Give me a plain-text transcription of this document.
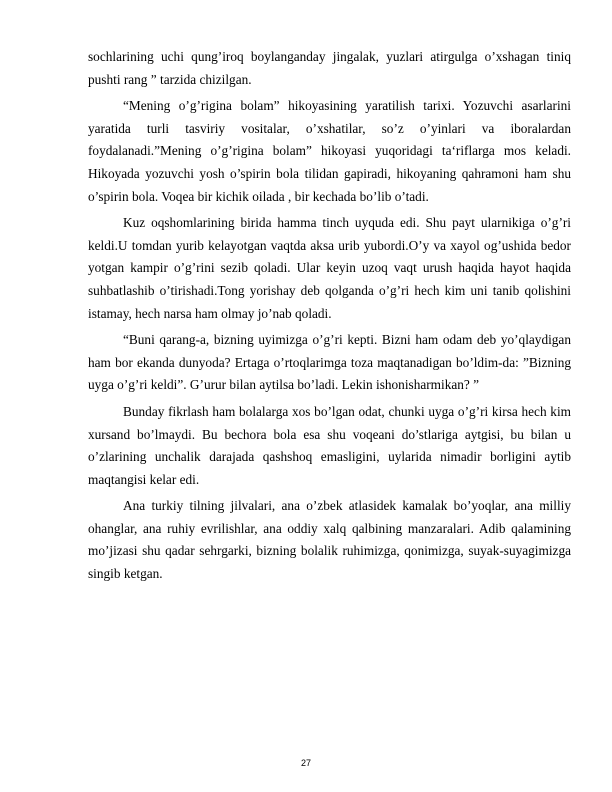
sochlarining uchi qung’iroq boylanganday jingalak, yuzlari atirgulga o’xshagan tiniq pushti rang ” tarzida chizilgan.

“Mening o’g’rigina bolam” hikoyasining yaratilish tarixi. Yozuvchi asarlarini yaratida turli tasviriy vositalar, o’xshatilar, so’z o’yinlari va iboralardan foydalanadi.”Mening o’g’rigina bolam” hikoyasi yuqoridagi ta‘riflarga mos keladi. Hikoyada yozuvchi yosh o’spirin bola tilidan gapiradi, hikoyaning qahramoni ham shu o’spirin bola. Voqea bir kichik oilada , bir kechada bo’lib o’tadi.

Kuz oqshomlarining birida hamma tinch uyquda edi. Shu payt ularnikiga o’g’ri keldi.U tomdan yurib kelayotgan vaqtda aksa urib yubordi.O’y va xayol og’ushida bedor yotgan kampir o’g’rini sezib qoladi. Ular keyin uzoq vaqt urush haqida hayot haqida suhbatlashib o’tirishadi.Tong yorishay deb qolganda o’g’ri hech kim uni tanib qolishini istamay, hech narsa ham olmay jo’nab qoladi.

“Buni qarang-a, bizning uyimizga o’g’ri kepti. Bizni ham odam deb yo’qlaydigan ham bor ekanda dunyoda? Ertaga o’rtoqlarimga toza maqtanadigan bo’ldim-da: ”Bizning uyga o’g’ri keldi”. G’urur bilan aytilsa bo’ladi. Lekin ishonisharmikan? ”

Bunday fikrlash ham bolalarga xos bo’lgan odat, chunki uyga o’g’ri kirsa hech kim xursand bo’lmaydi. Bu bechora bola esa shu voqeani do’stlariga aytgisi, bu bilan u o’zlarining unchalik darajada qashshoq emasligini, uylarida nimadir borligini aytib maqtangisi kelar edi.

Ana turkiy tilning jilvalari, ana o’zbek atlasidek kamalak bo’yoqlar, ana milliy ohanglar, ana ruhiy evrilishlar, ana oddiy xalq qalbining manzaralari. Adib qalamining mo’jizasi shu qadar sehrgarki, bizning bolalik ruhimizga, qonimizga, suyak-suyagimizga singib ketgan.

27
